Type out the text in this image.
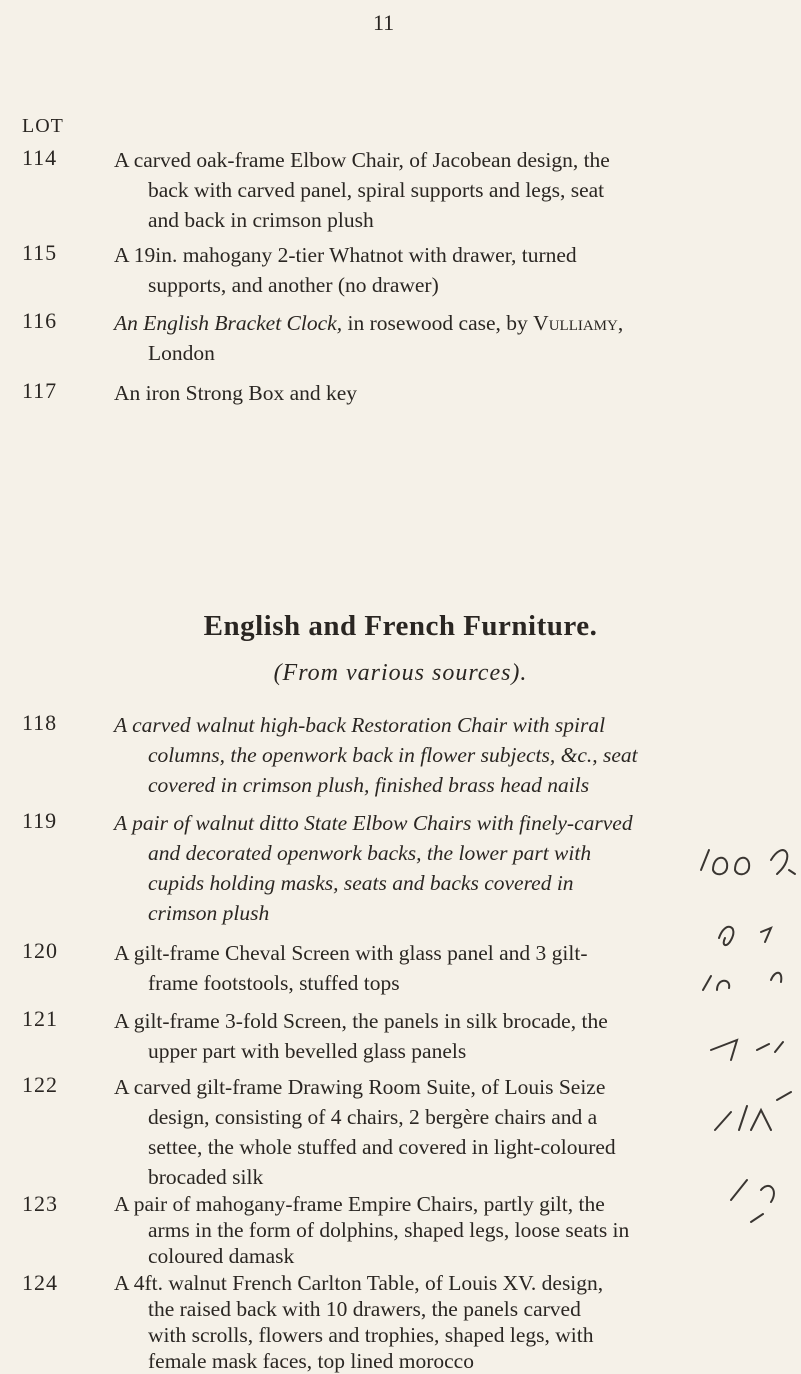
11
LOT
114	A carved oak-frame Elbow Chair, of Jacobean design, the
back with carved panel, spiral supports and legs, seat
and back in crimson plush
115	A 19in. mahogany 2-tier Whatnot with drawer, turned
supports, and another (no drawer)
116	An English Bracket Clock, in rosewood case, by Vulliamy,
London
117	An iron Strong Box and key
English and French Furniture.
(From various sources).
118	A carved walnut high-back Restoration Chair with spiral
columns, the openwork back in flower subjects, &c., seat
covered in crimson plush, finished brass head nails
119	A pair of walnut ditto State Elbow Chairs with finely-carved
and decorated openwork backs, the lower part with
cupids holding masks, seats and backs covered in
crimson plush
120	A gilt-frame Cheval Screen with glass panel and 3 gilt-
frame footstools, stuffed tops
121	A gilt-frame 3-fold Screen, the panels in silk brocade, the
upper part with bevelled glass panels
122	A carved gilt-frame Drawing Room Suite, of Louis Seize
design, consisting of 4 chairs, 2 bergère chairs and a
settee, the whole stuffed and covered in light-coloured
brocaded silk
123	A pair of mahogany-frame Empire Chairs, partly gilt, the
arms in the form of dolphins, shaped legs, loose seats in
coloured damask
124	A 4ft. walnut French Carlton Table, of Louis XV. design,
the raised back with 10 drawers, the panels carved
with scrolls, flowers and trophies, shaped legs, with
female mask faces, top lined morocco
